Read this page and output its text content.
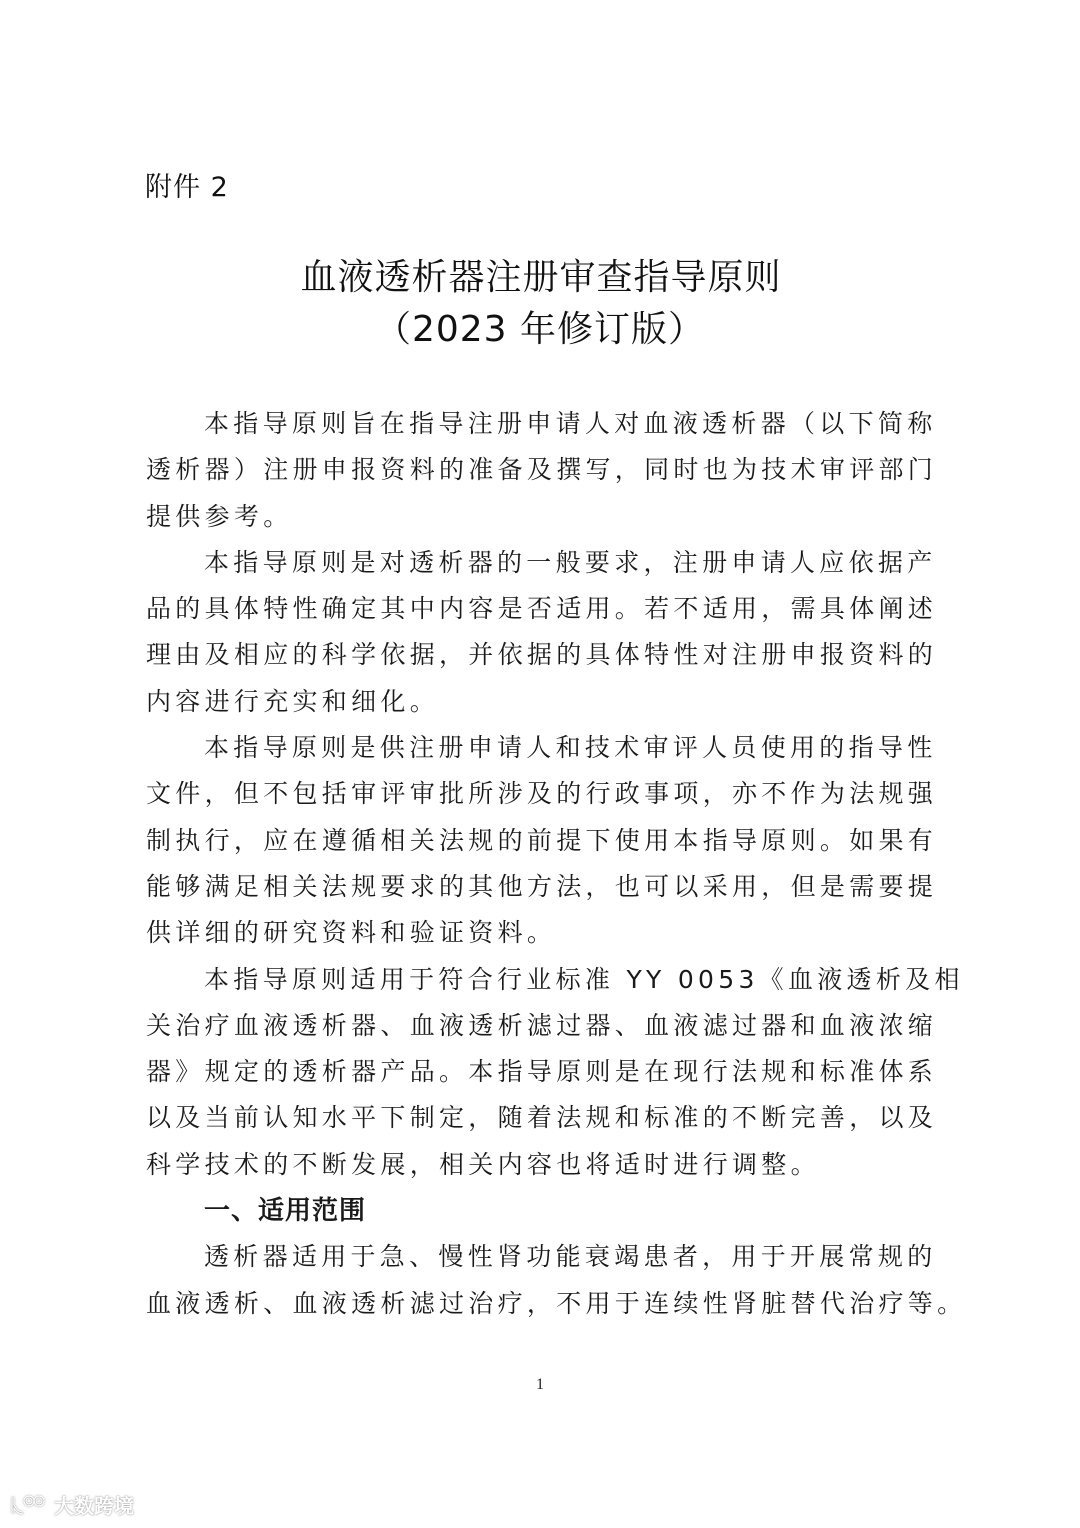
附件 2
血液透析器注册审查指导原则
（2023 年修订版）
本指导原则旨在指导注册申请人对血液透析器（以下简称
透析器）注册申报资料的准备及撰写，同时也为技术审评部门
提供参考。
本指导原则是对透析器的一般要求，注册申请人应依据产
品的具体特性确定其中内容是否适用。若不适用，需具体阐述
理由及相应的科学依据，并依据的具体特性对注册申报资料的
内容进行充实和细化。
本指导原则是供注册申请人和技术审评人员使用的指导性
文件，但不包括审评审批所涉及的行政事项，亦不作为法规强
制执行，应在遵循相关法规的前提下使用本指导原则。如果有
能够满足相关法规要求的其他方法，也可以采用，但是需要提
供详细的研究资料和验证资料。
本指导原则适用于符合行业标准 YY 0053《血液透析及相
关治疗血液透析器、血液透析滤过器、血液滤过器和血液浓缩
器》规定的透析器产品。本指导原则是在现行法规和标准体系
以及当前认知水平下制定，随着法规和标准的不断完善，以及
科学技术的不断发展，相关内容也将适时进行调整。
一、适用范围
透析器适用于急、慢性肾功能衰竭患者，用于开展常规的
血液透析、血液透析滤过治疗，不用于连续性肾脏替代治疗等。
1
大数跨境
